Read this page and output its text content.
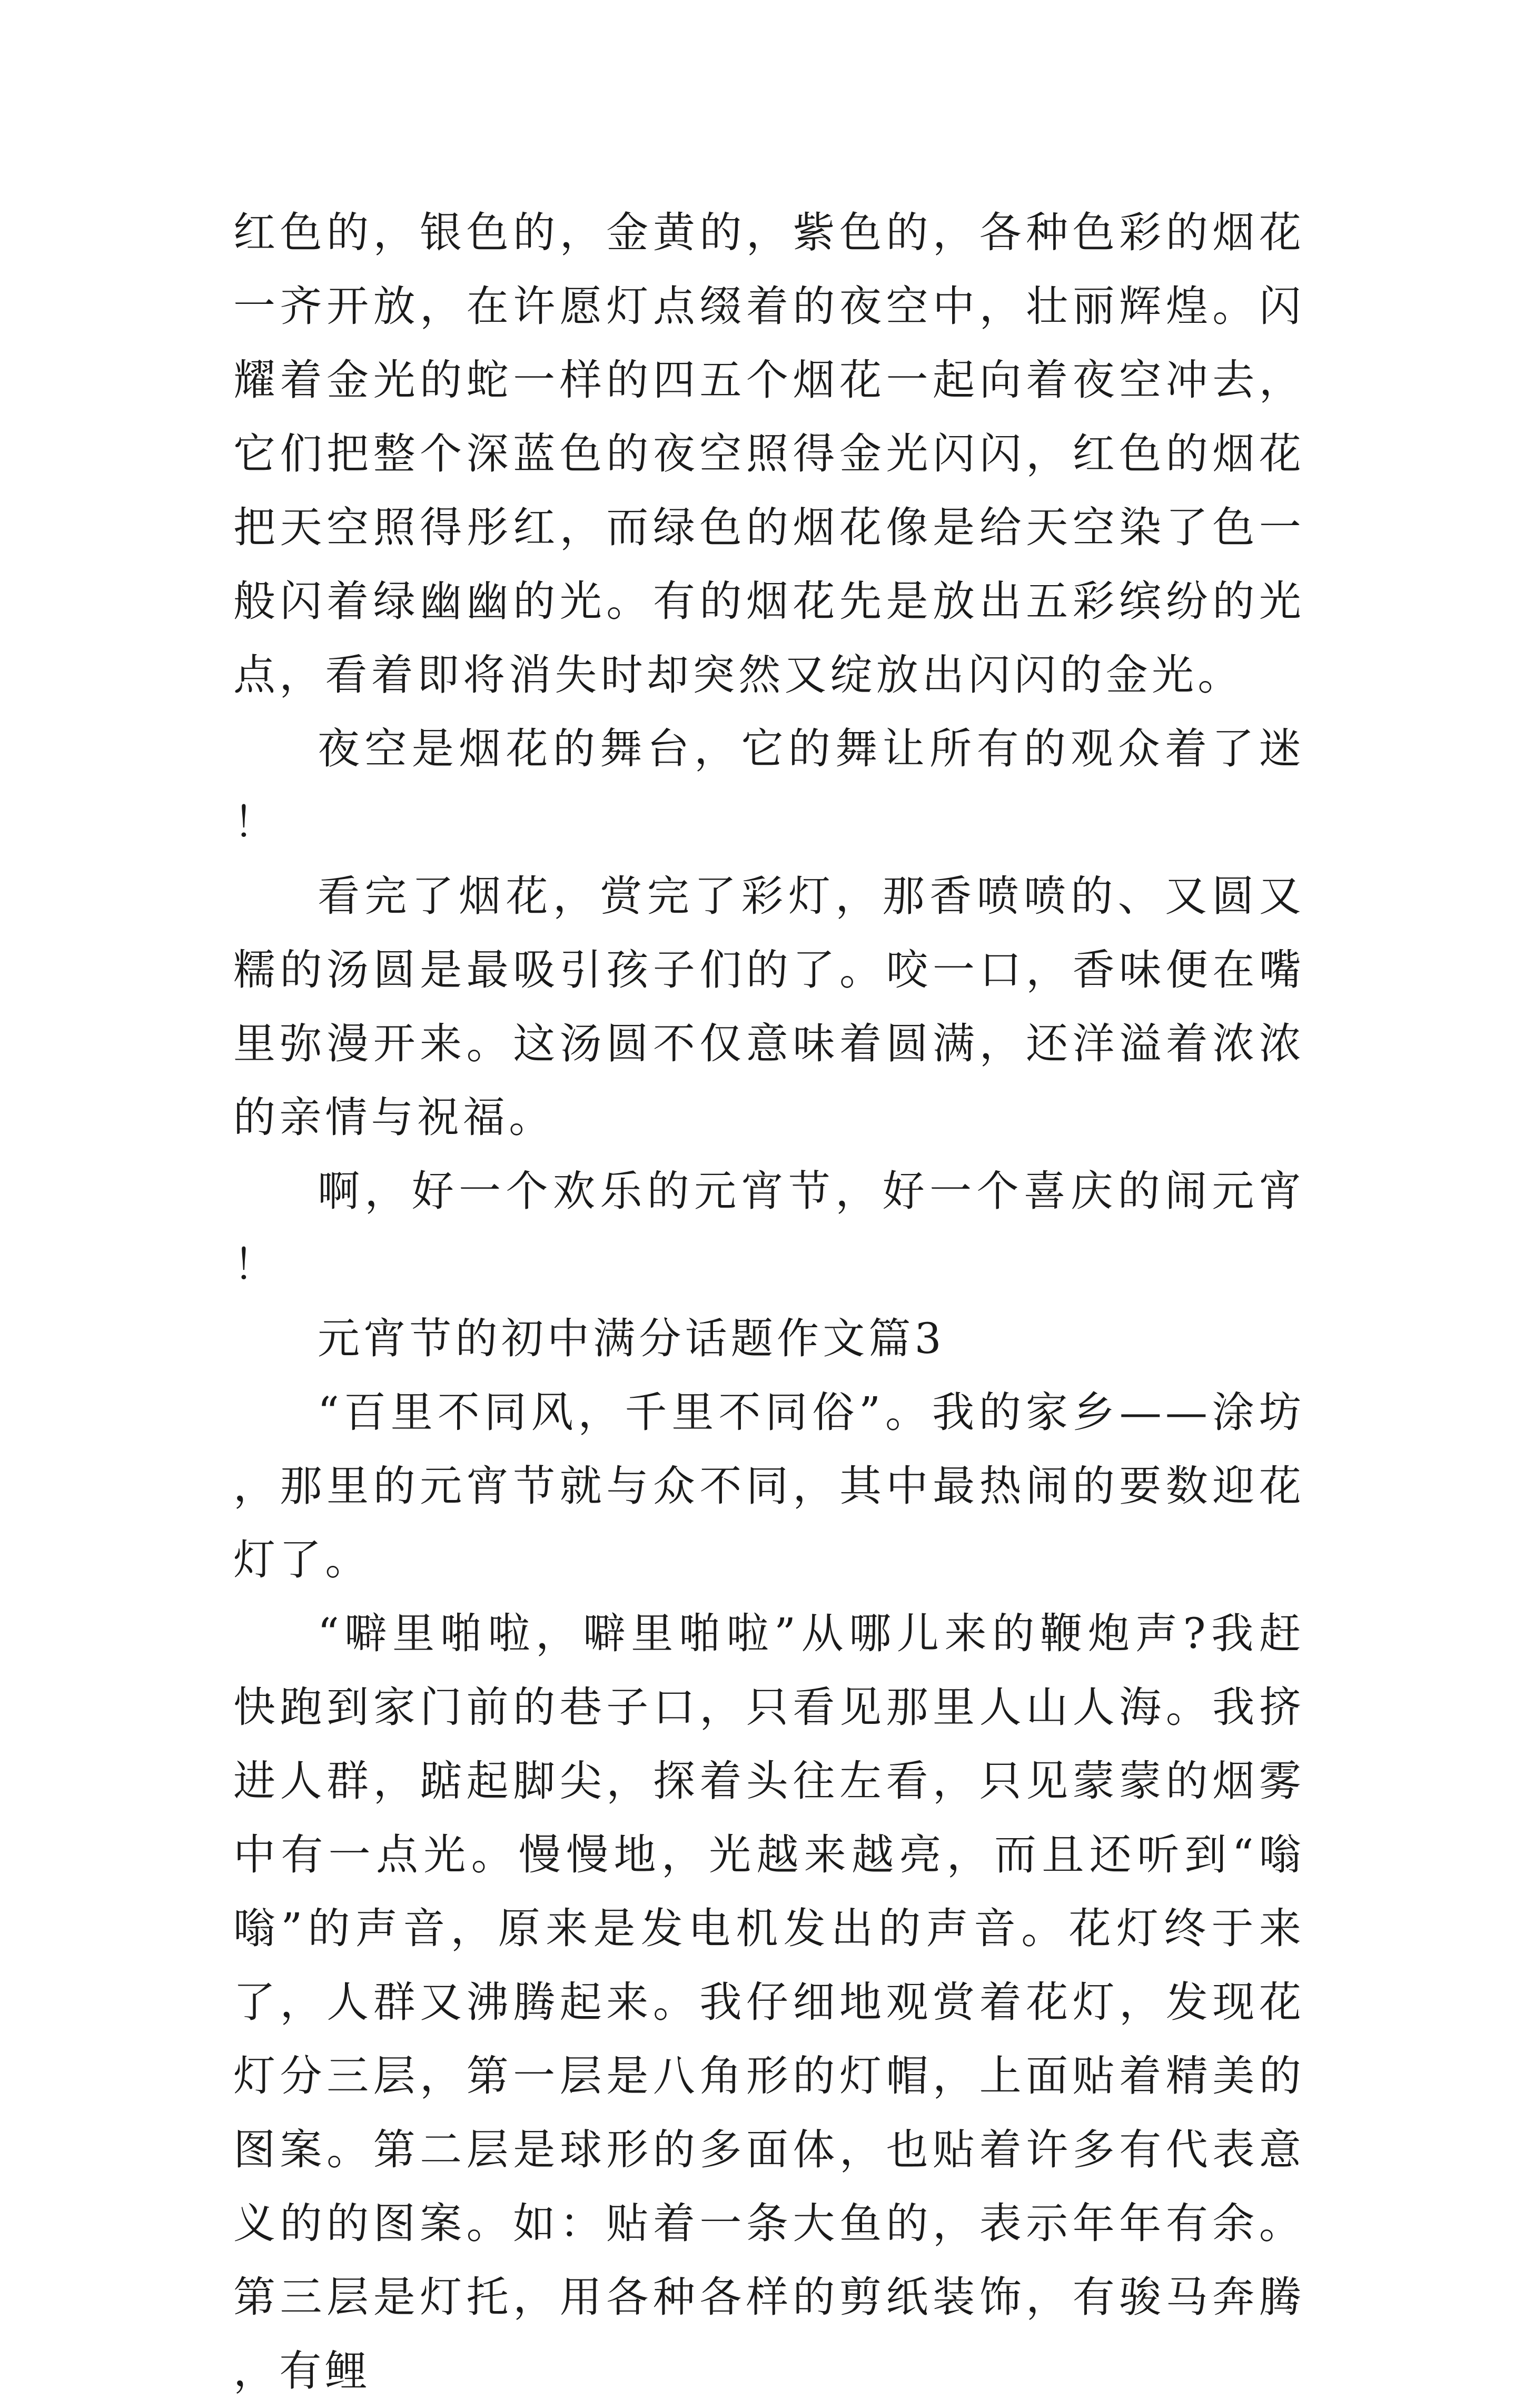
红色的，银色的，金黄的，紫色的，各种色彩的烟花一齐开放，在许愿灯点缀着的夜空中，壮丽辉煌。闪耀着金光的蛇一样的四五个烟花一起向着夜空冲去，它们把整个深蓝色的夜空照得金光闪闪，红色的烟花把天空照得彤红，而绿色的烟花像是给天空染了色一般闪着绿幽幽的光。有的烟花先是放出五彩缤纷的光点，看着即将消失时却突然又绽放出闪闪的金光。

夜空是烟花的舞台，它的舞让所有的观众着了迷！

看完了烟花，赏完了彩灯，那香喷喷的、又圆又糯的汤圆是最吸引孩子们的了。咬一口，香味便在嘴里弥漫开来。这汤圆不仅意味着圆满，还洋溢着浓浓的亲情与祝福。

啊，好一个欢乐的元宵节，好一个喜庆的闹元宵！

元宵节的初中满分话题作文篇3

“百里不同风，千里不同俗”。我的家乡——涂坊，那里的元宵节就与众不同，其中最热闹的要数迎花灯了。

“噼里啪啦，噼里啪啦”从哪儿来的鞭炮声?我赶快跑到家门前的巷子口，只看见那里人山人海。我挤进人群，踮起脚尖，探着头往左看，只见蒙蒙的烟雾中有一点光。慢慢地，光越来越亮，而且还听到“嗡嗡”的声音，原来是发电机发出的声音。花灯终于来了，人群又沸腾起来。我仔细地观赏着花灯，发现花灯分三层，第一层是八角形的灯帽，上面贴着精美的图案。第二层是球形的多面体，也贴着许多有代表意义的的图案。如：贴着一条大鱼的，表示年年有余。第三层是灯托，用各种各样的剪纸装饰，有骏马奔腾，有鲤
